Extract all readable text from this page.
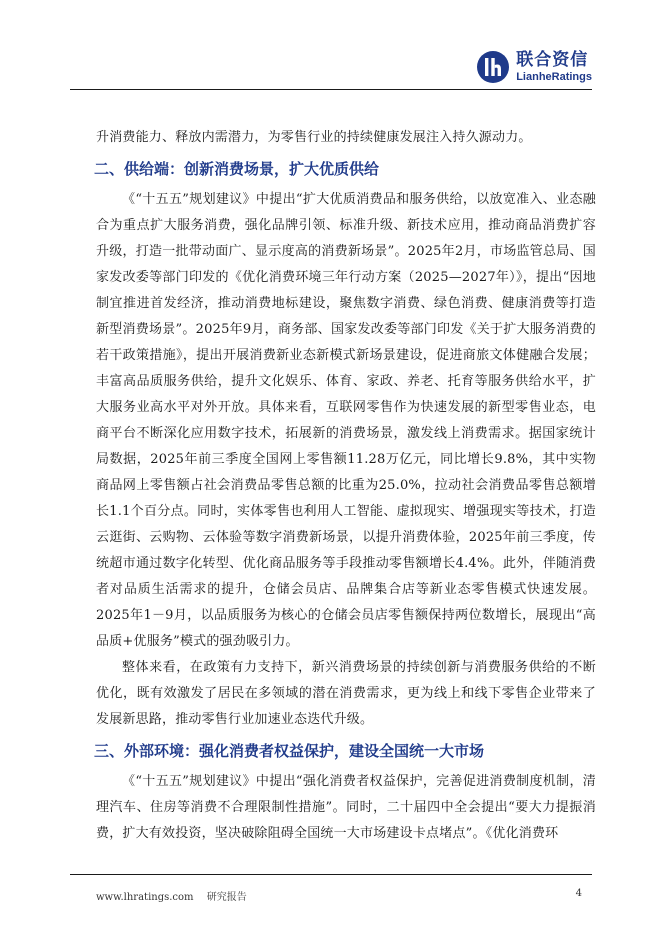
联合资信
LianheRatings

升消费能力、释放内需潜力，为零售行业的持续健康发展注入持久源动力。

二、供给端：创新消费场景，扩大优质供给

《“十五五”规划建议》中提出“扩大优质消费品和服务供给，以放宽准入、业态融合为重点扩大服务消费，强化品牌引领、标准升级、新技术应用，推动商品消费扩容升级，打造一批带动面广、显示度高的消费新场景”。2025年2月，市场监管总局、国家发改委等部门印发的《优化消费环境三年行动方案（2025—2027年）》，提出“因地制宜推进首发经济，推动消费地标建设，聚焦数字消费、绿色消费、健康消费等打造新型消费场景”。2025年9月，商务部、国家发改委等部门印发《关于扩大服务消费的若干政策措施》，提出开展消费新业态新模式新场景建设，促进商旅文体健融合发展；丰富高品质服务供给，提升文化娱乐、体育、家政、养老、托育等服务供给水平，扩大服务业高水平对外开放。具体来看，互联网零售作为快速发展的新型零售业态，电商平台不断深化应用数字技术，拓展新的消费场景，激发线上消费需求。据国家统计局数据，2025年前三季度全国网上零售额11.28万亿元，同比增长9.8%，其中实物商品网上零售额占社会消费品零售总额的比重为25.0%，拉动社会消费品零售总额增长1.1个百分点。同时，实体零售也利用人工智能、虚拟现实、增强现实等技术，打造云逛街、云购物、云体验等数字消费新场景，以提升消费体验，2025年前三季度，传统超市通过数字化转型、优化商品服务等手段推动零售额增长4.4%。此外，伴随消费者对品质生活需求的提升，仓储会员店、品牌集合店等新业态零售模式快速发展。2025年1－9月，以品质服务为核心的仓储会员店零售额保持两位数增长，展现出“高品质+优服务”模式的强劲吸引力。

整体来看，在政策有力支持下，新兴消费场景的持续创新与消费服务供给的不断优化，既有效激发了居民在多领域的潜在消费需求，更为线上和线下零售企业带来了发展新思路，推动零售行业加速业态迭代升级。

三、外部环境：强化消费者权益保护，建设全国统一大市场

《“十五五”规划建议》中提出“强化消费者权益保护，完善促进消费制度机制，清理汽车、住房等消费不合理限制性措施”。同时，二十届四中全会提出“要大力提振消费，扩大有效投资，坚决破除阻碍全国统一大市场建设卡点堵点”。《优化消费环

www.lhratings.com 研究报告	4
